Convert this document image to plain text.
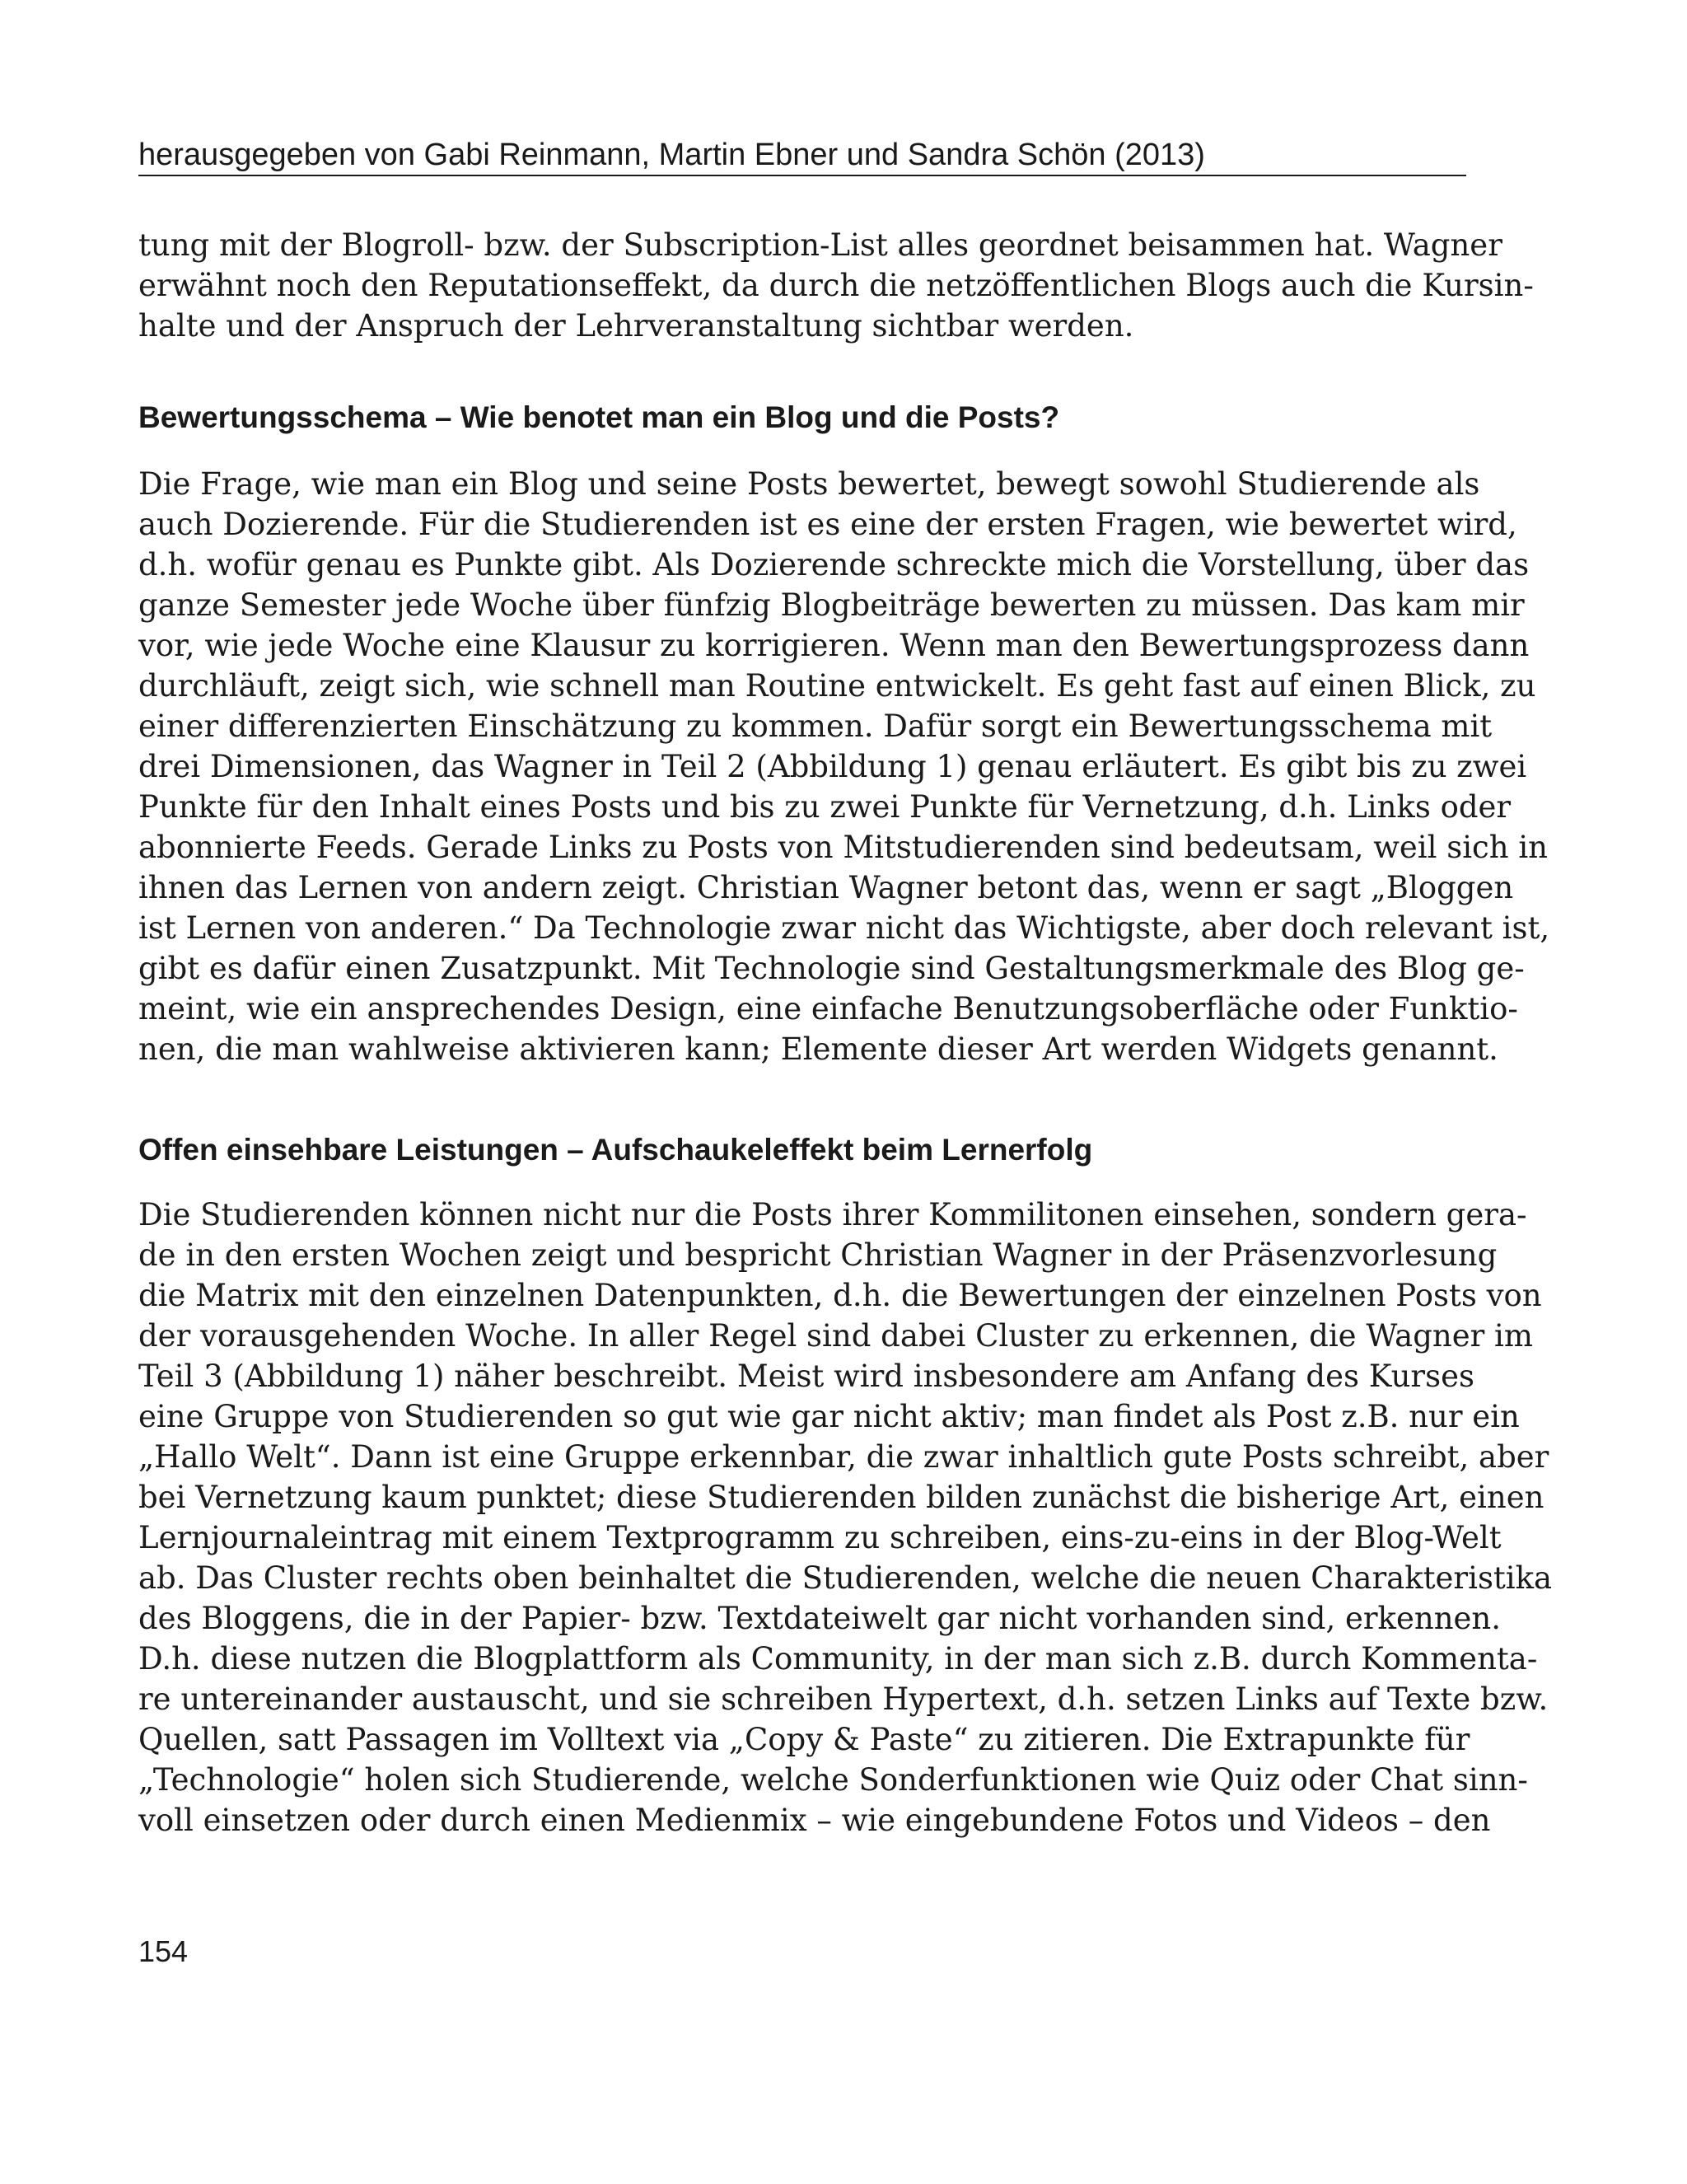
herausgegeben von Gabi Reinmann, Martin Ebner und Sandra Schön (2013)
tung mit der Blogroll- bzw. der Subscription-List alles geordnet beisammen hat. Wagner
erwähnt noch den Reputationseffekt, da durch die netzöffentlichen Blogs auch die Kursin-
halte und der Anspruch der Lehrveranstaltung sichtbar werden.
Bewertungsschema – Wie benotet man ein Blog und die Posts?
Die Frage, wie man ein Blog und seine Posts bewertet, bewegt sowohl Studierende als
auch Dozierende. Für die Studierenden ist es eine der ersten Fragen, wie bewertet wird,
d.h. wofür genau es Punkte gibt. Als Dozierende schreckte mich die Vorstellung, über das
ganze Semester jede Woche über fünfzig Blogbeiträge bewerten zu müssen. Das kam mir
vor, wie jede Woche eine Klausur zu korrigieren. Wenn man den Bewertungsprozess dann
durchläuft, zeigt sich, wie schnell man Routine entwickelt. Es geht fast auf einen Blick, zu
einer differenzierten Einschätzung zu kommen. Dafür sorgt ein Bewertungsschema mit
drei Dimensionen, das Wagner in Teil 2 (Abbildung 1) genau erläutert. Es gibt bis zu zwei
Punkte für den Inhalt eines Posts und bis zu zwei Punkte für Vernetzung, d.h. Links oder
abonnierte Feeds. Gerade Links zu Posts von Mitstudierenden sind bedeutsam, weil sich in
ihnen das Lernen von andern zeigt. Christian Wagner betont das, wenn er sagt „Bloggen
ist Lernen von anderen.“ Da Technologie zwar nicht das Wichtigste, aber doch relevant ist,
gibt es dafür einen Zusatzpunkt. Mit Technologie sind Gestaltungsmerkmale des Blog ge-
meint, wie ein ansprechendes Design, eine einfache Benutzungsoberfläche oder Funktio-
nen, die man wahlweise aktivieren kann; Elemente dieser Art werden Widgets genannt.
Offen einsehbare Leistungen – Aufschaukeleffekt beim Lernerfolg
Die Studierenden können nicht nur die Posts ihrer Kommilitonen einsehen, sondern gera-
de in den ersten Wochen zeigt und bespricht Christian Wagner in der Präsenzvorlesung
die Matrix mit den einzelnen Datenpunkten, d.h. die Bewertungen der einzelnen Posts von
der vorausgehenden Woche. In aller Regel sind dabei Cluster zu erkennen, die Wagner im
Teil 3 (Abbildung 1) näher beschreibt. Meist wird insbesondere am Anfang des Kurses
eine Gruppe von Studierenden so gut wie gar nicht aktiv; man findet als Post z.B. nur ein
„Hallo Welt“. Dann ist eine Gruppe erkennbar, die zwar inhaltlich gute Posts schreibt, aber
bei Vernetzung kaum punktet; diese Studierenden bilden zunächst die bisherige Art, einen
Lernjournaleintrag mit einem Textprogramm zu schreiben, eins-zu-eins in der Blog-Welt
ab. Das Cluster rechts oben beinhaltet die Studierenden, welche die neuen Charakteristika
des Bloggens, die in der Papier- bzw. Textdateiwelt gar nicht vorhanden sind, erkennen.
D.h. diese nutzen die Blogplattform als Community, in der man sich z.B. durch Kommenta-
re untereinander austauscht, und sie schreiben Hypertext, d.h. setzen Links auf Texte bzw.
Quellen, satt Passagen im Volltext via „Copy & Paste“ zu zitieren. Die Extrapunkte für
„Technologie“ holen sich Studierende, welche Sonderfunktionen wie Quiz oder Chat sinn-
voll einsetzen oder durch einen Medienmix – wie eingebundene Fotos und Videos – den
154
